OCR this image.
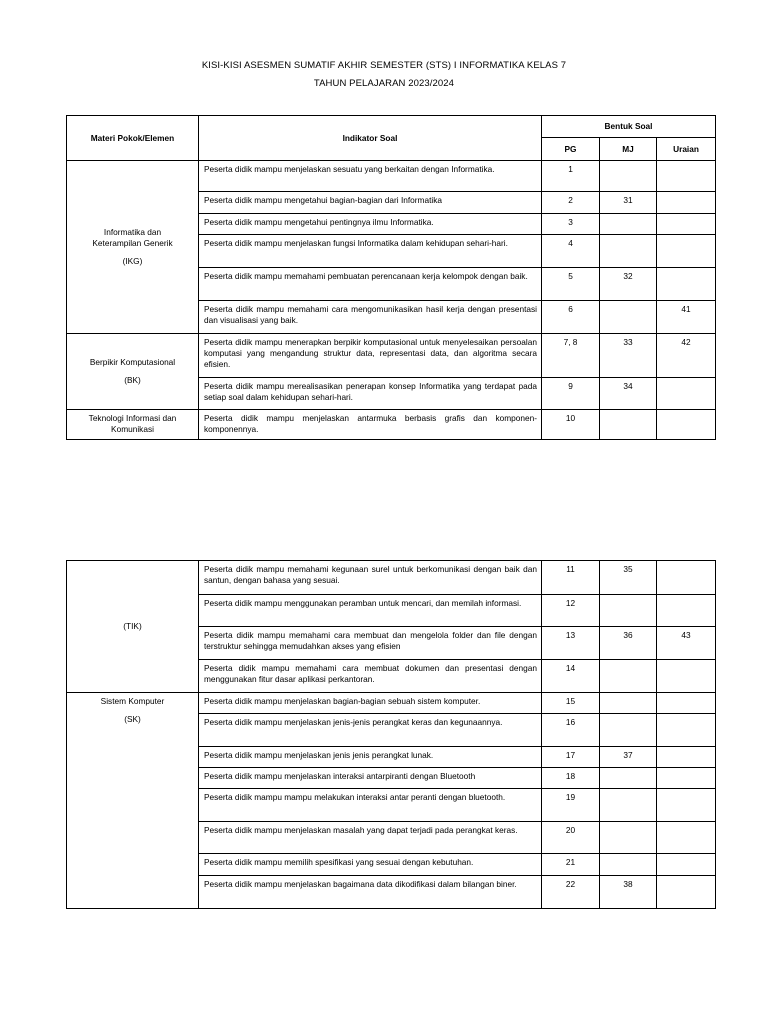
KISI-KISI ASESMEN SUMATIF AKHIR SEMESTER (STS) I INFORMATIKA KELAS 7
TAHUN PELAJARAN 2023/2024
Materi Pokok/Elemen	Indikator Soal	Bentuk Soal		
		PG	MJ	Uraian

Informatika dan
Keterampilan Generik
(IKG)	Peserta didik mampu menjelaskan sesuatu yang berkaitan dengan Informatika.	1		
	Peserta didik mampu mengetahui bagian-bagian dari Informatika	2	31	
	Peserta didik mampu mengetahui pentingnya ilmu Informatika.	3		
	Peserta didik mampu menjelaskan fungsi Informatika dalam kehidupan sehari-hari.	4		
	Peserta didik mampu memahami pembuatan perencanaan kerja kelompok dengan baik.	5	32	
	Peserta didik mampu memahami cara mengomunikasikan hasil kerja dengan presentasi dan visualisasi yang baik.	6		41

Berpikir Komputasional
(BK)	Peserta didik mampu menerapkan berpikir komputasional untuk menyelesaikan persoalan komputasi yang mengandung struktur data, representasi data, dan algoritma secara efisien.	7, 8	33	42
	Peserta didik mampu merealisasikan penerapan konsep Informatika yang terdapat pada setiap soal dalam kehidupan sehari-hari.	9	34	

Teknologi Informasi dan
Komunikasi	Peserta didik mampu menjelaskan antarmuka berbasis grafis dan komponen-komponennya.	10		
(TIK)	Peserta didik mampu memahami kegunaan surel untuk berkomunikasi dengan baik dan santun, dengan bahasa yang sesuai.	11	35	
	Peserta didik mampu menggunakan peramban untuk mencari, dan memilah informasi.	12		
	Peserta didik mampu memahami cara membuat dan mengelola folder dan file dengan terstruktur sehingga memudahkan akses yang efisien	13	36	43
	Peserta didik mampu memahami cara membuat dokumen dan presentasi dengan menggunakan fitur dasar aplikasi perkantoran.	14		

Sistem Komputer
(SK)	Peserta didik mampu menjelaskan bagian-bagian sebuah sistem komputer.	15		
	Peserta didik mampu menjelaskan jenis-jenis perangkat keras dan kegunaannya.	16		
	Peserta didik mampu menjelaskan jenis jenis perangkat lunak.	17	37	
	Peserta didik mampu menjelaskan interaksi antarpiranti dengan Bluetooth	18		
	Peserta didik mampu mampu melakukan interaksi antar peranti dengan bluetooth.	19		
	Peserta didik mampu menjelaskan masalah yang dapat terjadi pada perangkat keras.	20		
	Peserta didik mampu memilih spesifikasi yang sesuai dengan kebutuhan.	21		
	Peserta didik mampu menjelaskan bagaimana data dikodifikasi dalam bilangan biner.	22	38	
